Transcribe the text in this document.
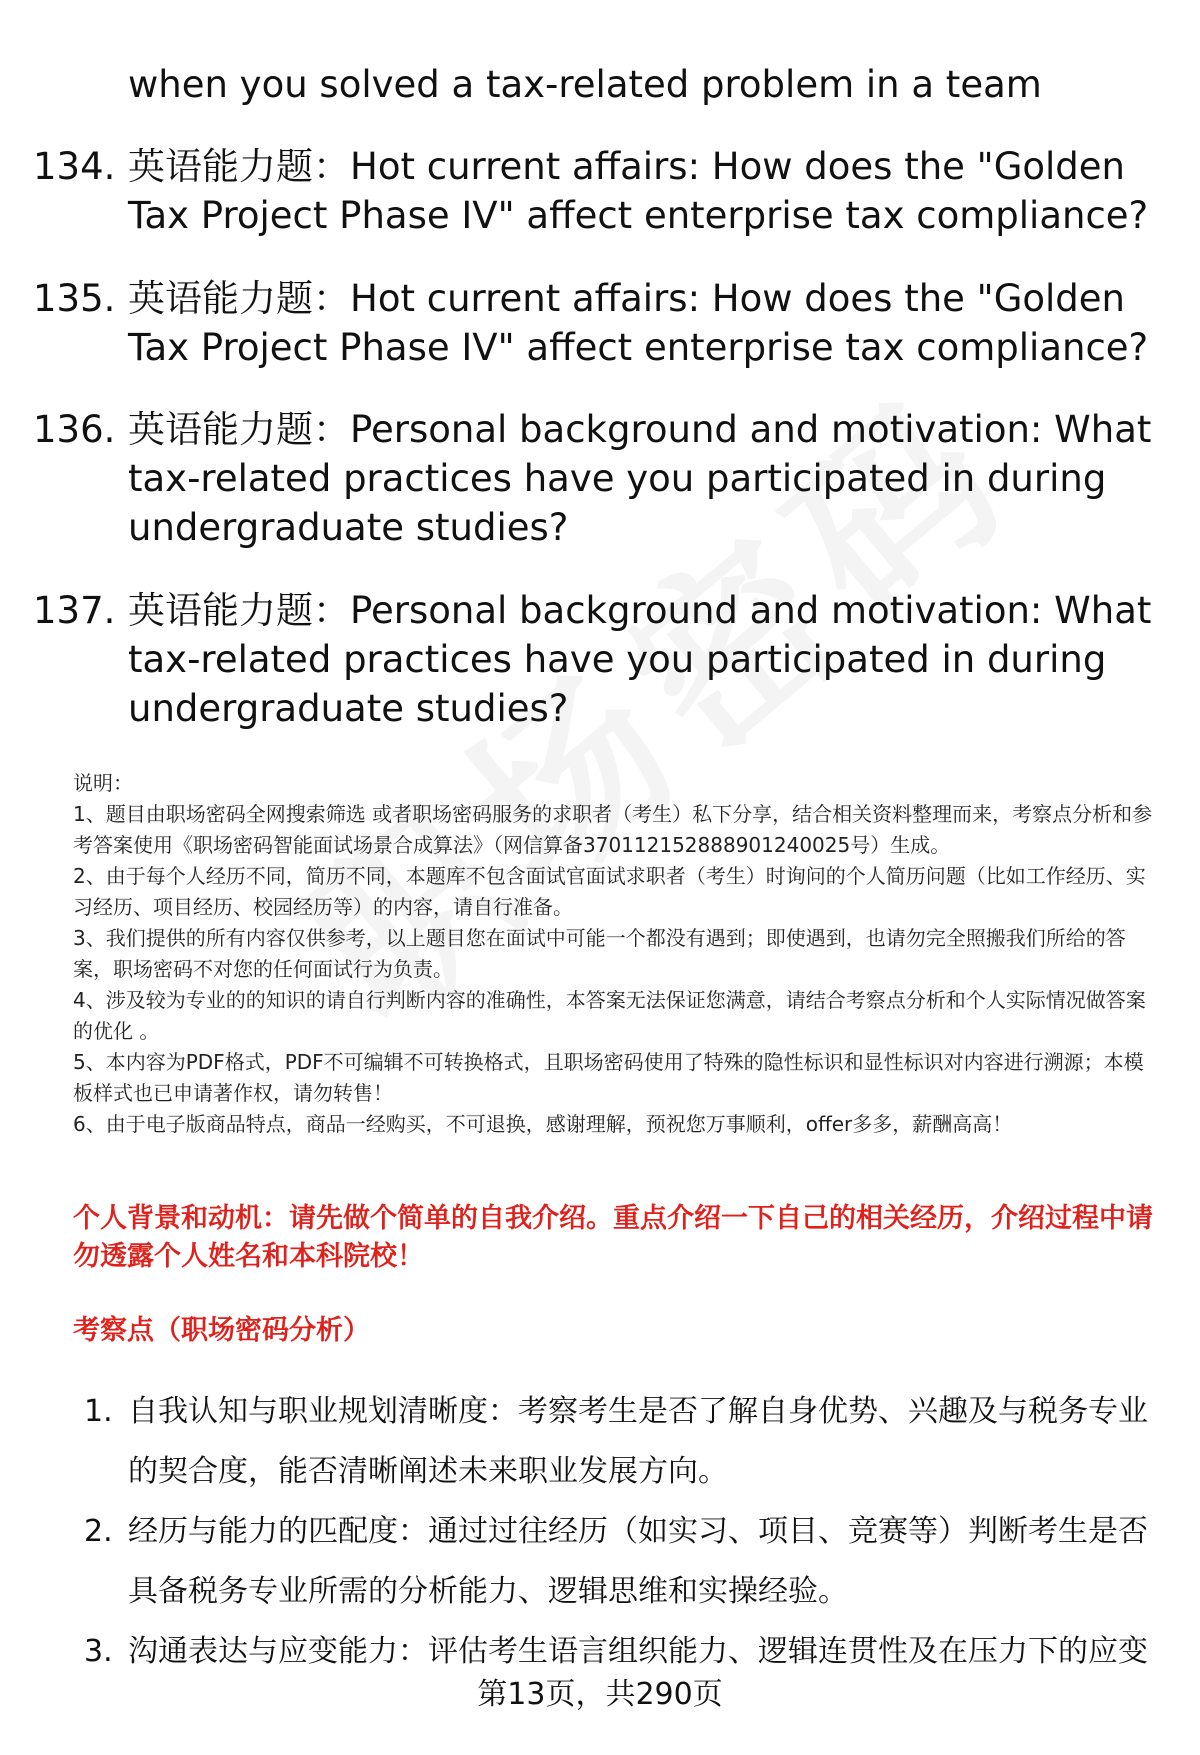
when you solved a tax-related problem in a team
134. 英语能力题：Hot current affairs: How does the "Golden Tax Project Phase IV" affect enterprise tax compliance?
135. 英语能力题：Hot current affairs: How does the "Golden Tax Project Phase IV" affect enterprise tax compliance?
136. 英语能力题：Personal background and motivation: What tax-related practices have you participated in during undergraduate studies?
137. 英语能力题：Personal background and motivation: What tax-related practices have you participated in during undergraduate studies?
说明：
1、题目由职场密码全网搜索筛选 或者职场密码服务的求职者（考生）私下分享，结合相关资料整理而来，考察点分析和参考答案使用《职场密码智能面试场景合成算法》（网信算备370112152888901240025号）生成。
2、由于每个人经历不同，简历不同，本题库不包含面试官面试求职者（考生）时询问的个人简历问题（比如工作经历、实习经历、项目经历、校园经历等）的内容，请自行准备。
3、我们提供的所有内容仅供参考，以上题目您在面试中可能一个都没有遇到；即使遇到，也请勿完全照搬我们所给的答案，职场密码不对您的任何面试行为负责。
4、涉及较为专业的的知识的请自行判断内容的准确性，本答案无法保证您满意，请结合考察点分析和个人实际情况做答案的优化 。
5、本内容为PDF格式，PDF不可编辑不可转换格式，且职场密码使用了特殊的隐性标识和显性标识对内容进行溯源；本模板样式也已申请著作权，请勿转售！
6、由于电子版商品特点，商品一经购买，不可退换，感谢理解，预祝您万事顺利，offer多多，薪酬高高！
个人背景和动机：请先做个简单的自我介绍。重点介绍一下自己的相关经历，介绍过程中请勿透露个人姓名和本科院校！
考察点（职场密码分析）
1. 自我认知与职业规划清晰度：考察考生是否了解自身优势、兴趣及与税务专业的契合度，能否清晰阐述未来职业发展方向。
2. 经历与能力的匹配度：通过过往经历（如实习、项目、竞赛等）判断考生是否具备税务专业所需的分析能力、逻辑思维和实操经验。
3. 沟通表达与应变能力：评估考生语言组织能力、逻辑连贯性及在压力下的应变
第13页，共290页
